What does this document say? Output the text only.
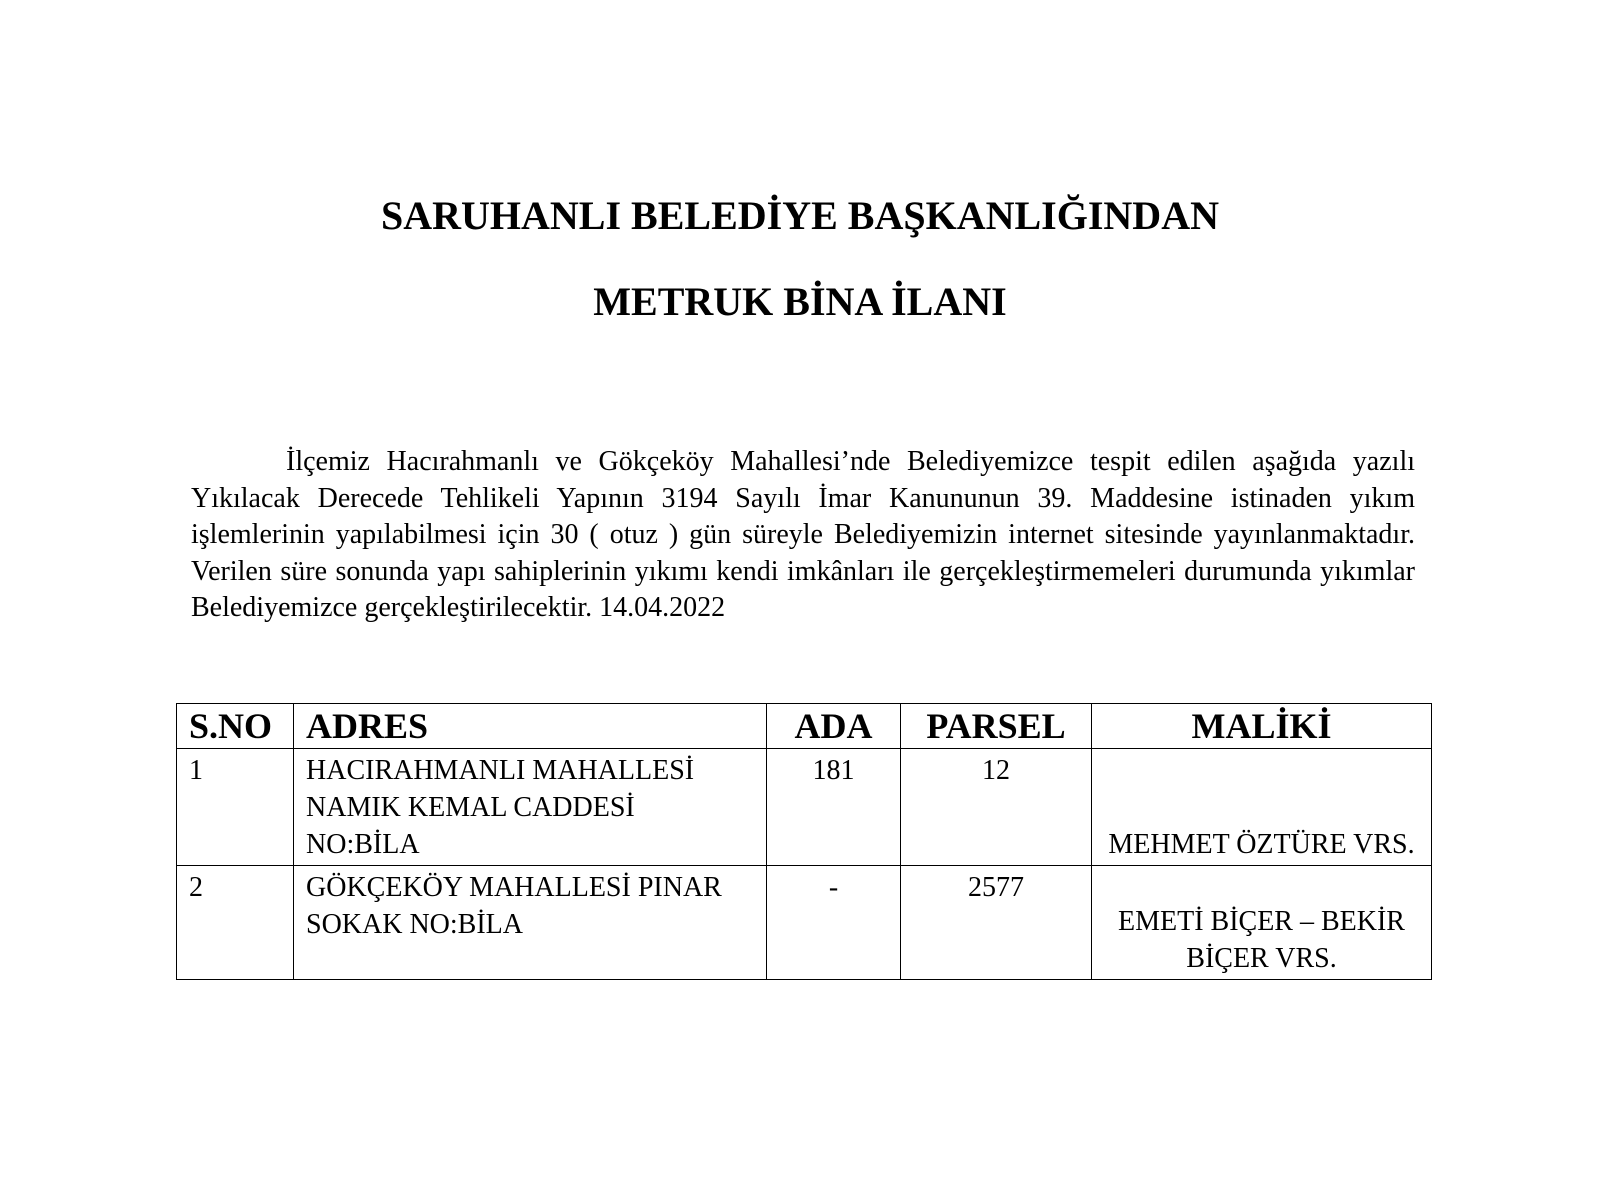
SARUHANLI BELEDİYE BAŞKANLIĞINDAN
METRUK BİNA İLANI

İlçemiz Hacırahmanlı ve Gökçeköy Mahallesi’nde Belediyemizce tespit edilen aşağıda yazılı Yıkılacak Derecede Tehlikeli Yapının 3194 Sayılı İmar Kanununun 39. Maddesine istinaden yıkım işlemlerinin yapılabilmesi için 30 ( otuz ) gün süreyle Belediyemizin internet sitesinde yayınlanmaktadır. Verilen süre sonunda yapı sahiplerinin yıkımı kendi imkânları ile gerçekleştirmemeleri durumunda yıkımlar Belediyemizce gerçekleştirilecektir. 14.04.2022

S.NO	ADRES	ADA	PARSEL	MALİKİ
1	HACIRAHMANLI MAHALLESİ NAMIK KEMAL CADDESİ NO:BİLA	181	12	MEHMET ÖZTÜRE VRS.
2	GÖKÇEKÖY MAHALLESİ PINAR SOKAK NO:BİLA	-	2577	EMETİ BİÇER – BEKİR BİÇER VRS.
